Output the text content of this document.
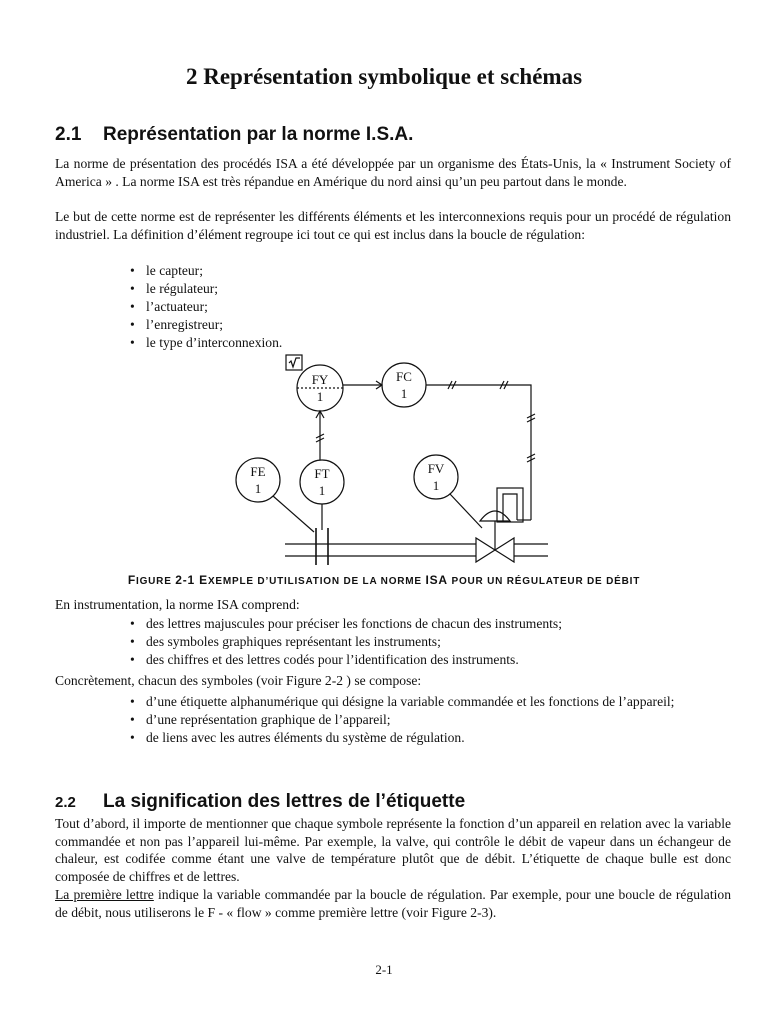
2 Représentation symbolique et schémas
2.1 Représentation par la norme I.S.A.

La norme de présentation des procédés ISA a été développée par un organisme des États-Unis, la « Instrument Society of America » . La norme ISA est très répandue en Amérique du nord ainsi qu’un peu partout dans le monde.

Le but de cette norme est de représenter les différents éléments et les interconnexions requis pour un procédé de régulation industriel. La définition d’élément regroupe ici tout ce qui est inclus dans la boucle de régulation:

• le capteur;
• le régulateur;
• l’actuateur;
• l’enregistreur;
• le type d’interconnexion.
FY
1
FC
1
FE
1
FT
1
FV
1
FIGURE 2-1 EXEMPLE D’UTILISATION DE LA NORME ISA POUR UN RÉGULATEUR DE DÉBIT

En instrumentation, la norme ISA comprend:

• des lettres majuscules pour préciser les fonctions de chacun des instruments;
• des symboles graphiques représentant les instruments;
• des chiffres et des lettres codés pour l’identification des instruments.

Concrètement, chacun des symboles (voir Figure 2-2 ) se compose:

• d’une étiquette alphanumérique qui désigne la variable commandée et les fonctions de l’appareil;
• d’une représentation graphique de l’appareil;
• de liens avec les autres éléments du système de régulation.
2.2 La signification des lettres de l’étiquette

Tout d’abord, il importe de mentionner que chaque symbole représente la fonction d’un appareil en relation avec la variable commandée et non pas l’appareil lui-même. Par exemple, la valve, qui contrôle le débit de vapeur dans un échangeur de chaleur, est codifée comme étant une valve de température plutôt que de débit. L’étiquette de chaque bulle est donc composée de chiffres et de lettres.

La première lettre indique la variable commandée par la boucle de régulation. Par exemple, pour une boucle de régulation de débit, nous utiliserons le F - « flow » comme première lettre (voir Figure 2-3).

2-1
